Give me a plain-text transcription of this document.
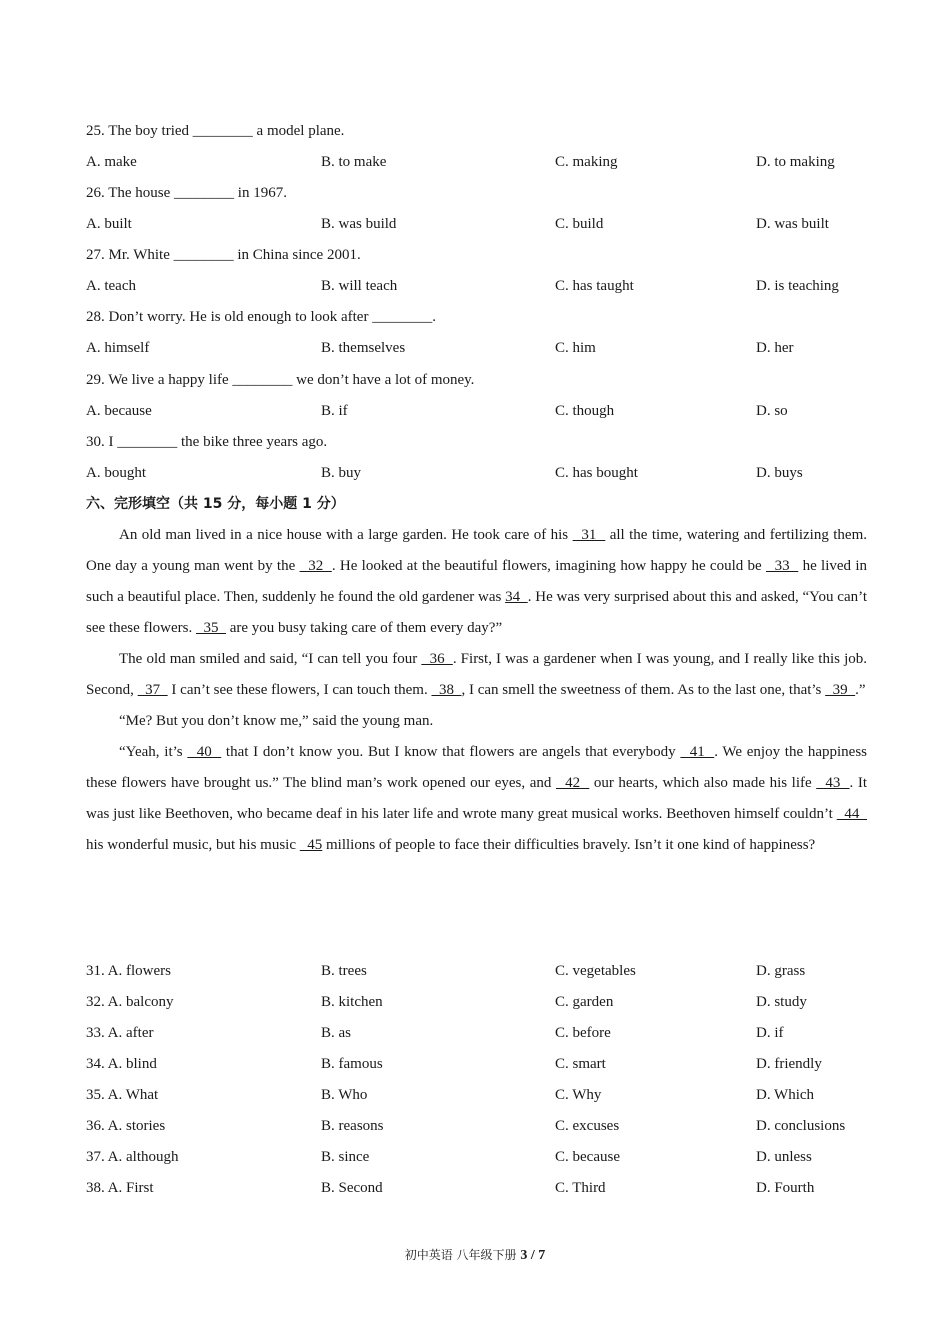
25. The boy tried ________ a model plane.
A. make	B. to make	C. making	D. to making
26. The house ________ in 1967.
A. built	B. was build	C. build	D. was built
27. Mr. White ________ in China since 2001.
A. teach	B. will teach	C. has taught	D. is teaching
28. Don’t worry. He is old enough to look after ________.
A. himself	B. themselves	C. him	D. her
29. We live a happy life ________ we don’t have a lot of money.
A. because	B. if	C. though	D. so
30. I ________ the bike three years ago.
A. bought	B. buy	C. has bought	D. buys
六、完形填空（共 15 分，每小题 1 分）

An old man lived in a nice house with a large garden. He took care of his   31   all the time, watering and fertilizing them. One day a young man went by the   32  . He looked at the beautiful flowers, imagining how happy he could be   33   he lived in such a beautiful place. Then, suddenly he found the old gardener was 34  . He was very surprised about this and asked, “You can’t see these flowers.   35   are you busy taking care of them every day?”

The old man smiled and said, “I can tell you four   36  . First, I was a gardener when I was young, and I really like this job. Second,   37   I can’t see these flowers, I can touch them.   38  , I can smell the sweetness of them. As to the last one, that’s   39  .”

“Me? But you don’t know me,” said the young man.

“Yeah, it’s   40   that I don’t know you. But I know that flowers are angels that everybody   41  . We enjoy the happiness these flowers have brought us.” The blind man’s work opened our eyes, and   42   our hearts, which also made his life   43  . It was just like Beethoven, who became deaf in his later life and wrote many great musical works. Beethoven himself couldn’t   44   his wonderful music, but his music   45 millions of people to face their difficulties bravely. Isn’t it one kind of happiness?

31. A. flowers	B. trees	C. vegetables	D. grass
32. A. balcony	B. kitchen	C. garden	D. study
33. A. after	B. as	C. before	D. if
34. A. blind	B. famous	C. smart	D. friendly
35. A. What	B. Who	C. Why	D. Which
36. A. stories	B. reasons	C. excuses	D. conclusions
37. A. although	B. since	C. because	D. unless
38. A. First	B. Second	C. Third	D. Fourth
初中英语 八年级下册 3 / 7
